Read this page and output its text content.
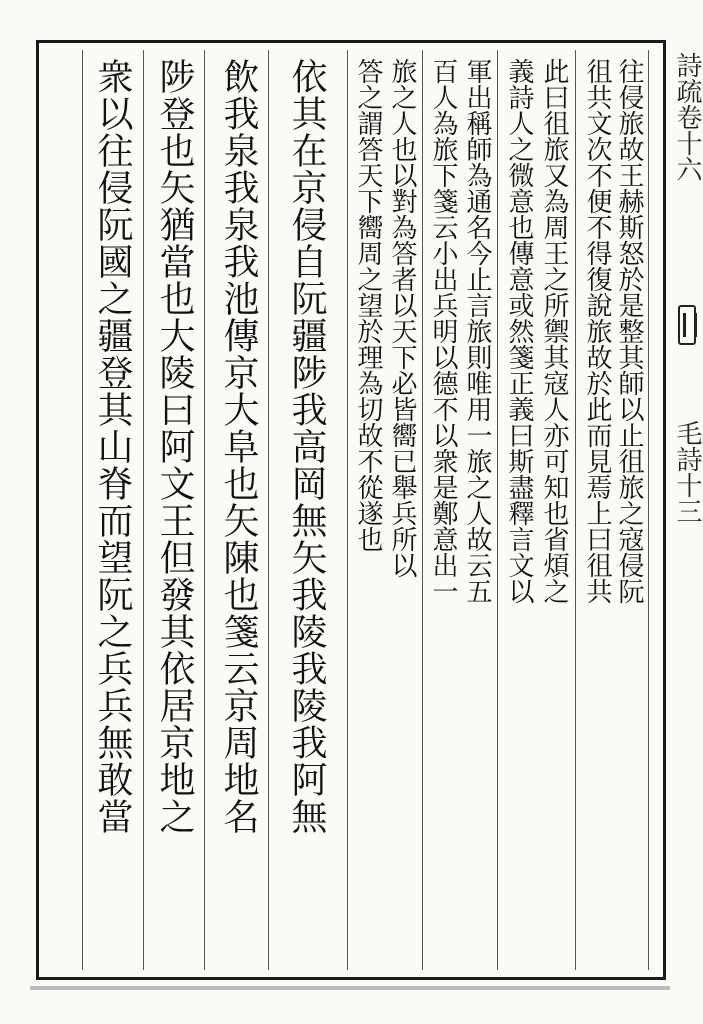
往侵旅故王赫斯怒於是整其師以止徂旅之寇侵阮
徂共文次不便不得復說旅故於此而見焉上曰徂共
此曰徂旅又為周王之所禦其寇人亦可知也省煩之
義詩人之微意也傳意或然箋正義曰斯盡釋言文以
軍出稱師為通名今止言旅則唯用一旅之人故云五
百人為旅下箋云小出兵明以德不以衆是鄭意出一
旅之人也以對為答者以天下必皆嚮已舉兵所以
答之謂答天下嚮周之望於理為切故不從遂也
依其在京侵自阮疆陟我高岡無矢我陵我陵我阿無
飲我泉我泉我池傳京大阜也矢陳也箋云京周地名
陟登也矢猶當也大陵曰阿文王但發其依居京地之
衆以往侵阮國之疆登其山脊而望阮之兵兵無敢當	詩疏卷十六
毛詩十三
